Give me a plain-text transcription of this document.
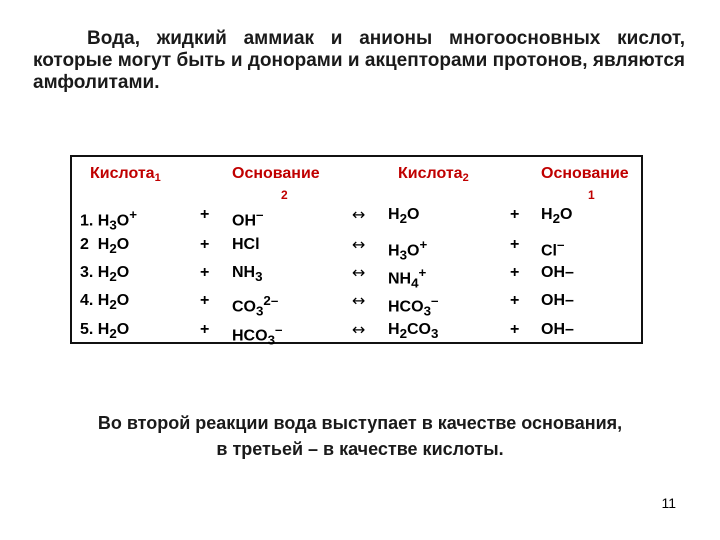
Вода, жидкий аммиак и анионы многоосновных кислот, которые могут быть и донорами и акцепторами протонов, являются амфолитами.

Кислота$_1$	Основание
2
Кислота$_2$	Основание
1
1. $H_3O^+$	+ OH–	↔ $H_2O$	+ $H_2O$
2  $H_2O$	+ HCl	↔ $H_3O^+$	+ Cl–
3. $H_2O$	+ $NH_3$	↔ $NH_4^+$	+ OH–
4. $H_2O$	+ $CO_3^{2-}$	↔ $HCO_3^-$	+ OH–
5. $H_2O$	+ $HCO_3^-$	↔ $H_2CO_3$	+ OH–
Во второй реакции вода выступает в качестве основания,
в третьей – в качестве кислоты.
11
